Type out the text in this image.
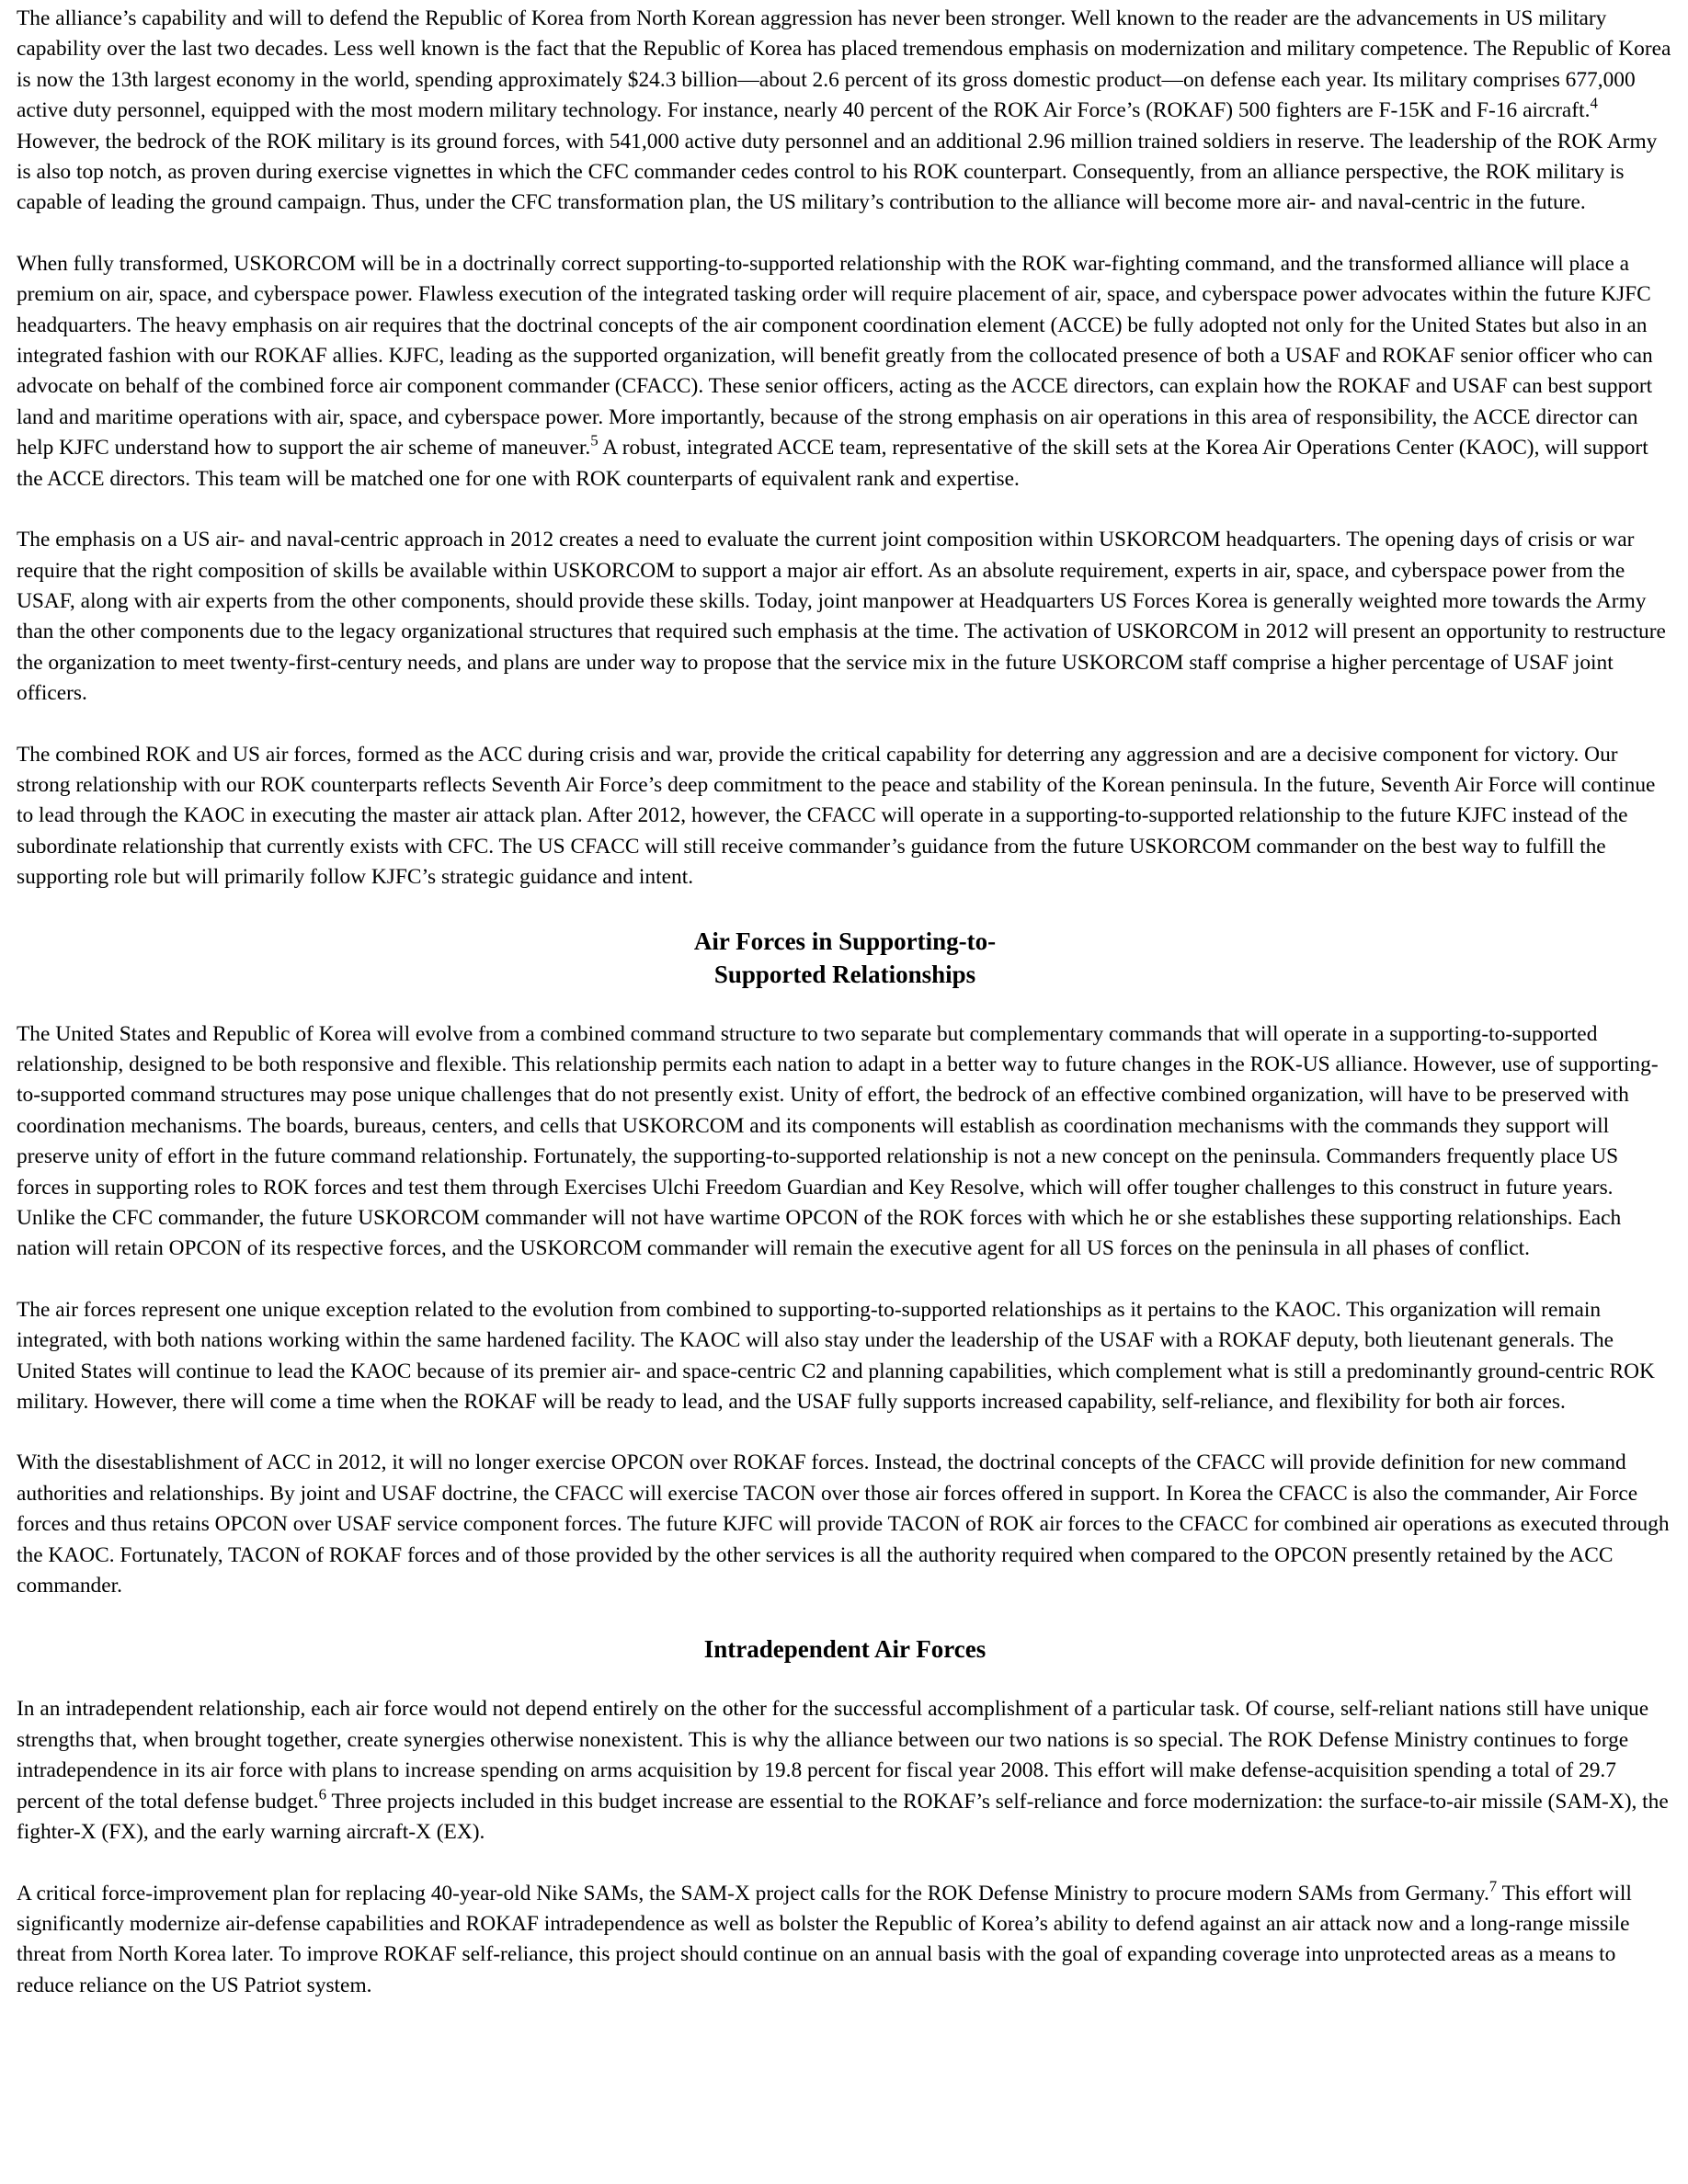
The alliance’s capability and will to defend the Republic of Korea from North Korean aggression has never been stronger. Well known to the reader are the advancements in US military capability over the last two decades. Less well known is the fact that the Republic of Korea has placed tremendous emphasis on modernization and military competence. The Republic of Korea is now the 13th largest economy in the world, spending approximately $24.3 billion—about 2.6 percent of its gross domestic product—on defense each year. Its military comprises 677,000 active duty personnel, equipped with the most modern military technology. For instance, nearly 40 percent of the ROK Air Force’s (ROKAF) 500 fighters are F-15K and F-16 aircraft.$^4$ However, the bedrock of the ROK military is its ground forces, with 541,000 active duty personnel and an additional 2.96 million trained soldiers in reserve. The leadership of the ROK Army is also top notch, as proven during exercise vignettes in which the CFC commander cedes control to his ROK counterpart. Consequently, from an alliance perspective, the ROK military is capable of leading the ground campaign. Thus, under the CFC transformation plan, the US military’s contribution to the alliance will become more air- and naval-centric in the future.

When fully transformed, USKORCOM will be in a doctrinally correct supporting-to-supported relationship with the ROK war-fighting command, and the transformed alliance will place a premium on air, space, and cyberspace power. Flawless execution of the integrated tasking order will require placement of air, space, and cyberspace power advocates within the future KJFC headquarters. The heavy emphasis on air requires that the doctrinal concepts of the air component coordination element (ACCE) be fully adopted not only for the United States but also in an integrated fashion with our ROKAF allies. KJFC, leading as the supported organization, will benefit greatly from the collocated presence of both a USAF and ROKAF senior officer who can advocate on behalf of the combined force air component commander (CFACC). These senior officers, acting as the ACCE directors, can explain how the ROKAF and USAF can best support land and maritime operations with air, space, and cyberspace power. More importantly, because of the strong emphasis on air operations in this area of responsibility, the ACCE director can help KJFC understand how to support the air scheme of maneuver.$^5$ A robust, integrated ACCE team, representative of the skill sets at the Korea Air Operations Center (KAOC), will support the ACCE directors. This team will be matched one for one with ROK counterparts of equivalent rank and expertise.

The emphasis on a US air- and naval-centric approach in 2012 creates a need to evaluate the current joint composition within USKORCOM headquarters. The opening days of crisis or war require that the right composition of skills be available within USKORCOM to support a major air effort. As an absolute requirement, experts in air, space, and cyberspace power from the USAF, along with air experts from the other components, should provide these skills. Today, joint manpower at Headquarters US Forces Korea is generally weighted more towards the Army than the other components due to the legacy organizational structures that required such emphasis at the time. The activation of USKORCOM in 2012 will present an opportunity to restructure the organization to meet twenty-first-century needs, and plans are under way to propose that the service mix in the future USKORCOM staff comprise a higher percentage of USAF joint officers.

The combined ROK and US air forces, formed as the ACC during crisis and war, provide the critical capability for deterring any aggression and are a decisive component for victory. Our strong relationship with our ROK counterparts reflects Seventh Air Force’s deep commitment to the peace and stability of the Korean peninsula. In the future, Seventh Air Force will continue to lead through the KAOC in executing the master air attack plan. After 2012, however, the CFACC will operate in a supporting-to-supported relationship to the future KJFC instead of the subordinate relationship that currently exists with CFC. The US CFACC will still receive commander’s guidance from the future USKORCOM commander on the best way to fulfill the supporting role but will primarily follow KJFC’s strategic guidance and intent.

Air Forces in Supporting-to-
Supported Relationships

The United States and Republic of Korea will evolve from a combined command structure to two separate but complementary commands that will operate in a supporting-to-supported relationship, designed to be both responsive and flexible. This relationship permits each nation to adapt in a better way to future changes in the ROK-US alliance. However, use of supporting-to-supported command structures may pose unique challenges that do not presently exist. Unity of effort, the bedrock of an effective combined organization, will have to be preserved with coordination mechanisms. The boards, bureaus, centers, and cells that USKORCOM and its components will establish as coordination mechanisms with the commands they support will preserve unity of effort in the future command relationship. Fortunately, the supporting-to-supported relationship is not a new concept on the peninsula. Commanders frequently place US forces in supporting roles to ROK forces and test them through Exercises Ulchi Freedom Guardian and Key Resolve, which will offer tougher challenges to this construct in future years. Unlike the CFC commander, the future USKORCOM commander will not have wartime OPCON of the ROK forces with which he or she establishes these supporting relationships. Each nation will retain OPCON of its respective forces, and the USKORCOM commander will remain the executive agent for all US forces on the peninsula in all phases of conflict.

The air forces represent one unique exception related to the evolution from combined to supporting-to-supported relationships as it pertains to the KAOC. This organization will remain integrated, with both nations working within the same hardened facility. The KAOC will also stay under the leadership of the USAF with a ROKAF deputy, both lieutenant generals. The United States will continue to lead the KAOC because of its premier air- and space-centric C2 and planning capabilities, which complement what is still a predominantly ground-centric ROK military. However, there will come a time when the ROKAF will be ready to lead, and the USAF fully supports increased capability, self-reliance, and flexibility for both air forces.

With the disestablishment of ACC in 2012, it will no longer exercise OPCON over ROKAF forces. Instead, the doctrinal concepts of the CFACC will provide definition for new command authorities and relationships. By joint and USAF doctrine, the CFACC will exercise TACON over those air forces offered in support. In Korea the CFACC is also the commander, Air Force forces and thus retains OPCON over USAF service component forces. The future KJFC will provide TACON of ROK air forces to the CFACC for combined air operations as executed through the KAOC. Fortunately, TACON of ROKAF forces and of those provided by the other services is all the authority required when compared to the OPCON presently retained by the ACC commander.

Intradependent Air Forces

In an intradependent relationship, each air force would not depend entirely on the other for the successful accomplishment of a particular task. Of course, self-reliant nations still have unique strengths that, when brought together, create synergies otherwise nonexistent. This is why the alliance between our two nations is so special. The ROK Defense Ministry continues to forge intradependence in its air force with plans to increase spending on arms acquisition by 19.8 percent for fiscal year 2008. This effort will make defense-acquisition spending a total of 29.7 percent of the total defense budget.$^6$ Three projects included in this budget increase are essential to the ROKAF’s self-reliance and force modernization: the surface-to-air missile (SAM-X), the fighter-X (FX), and the early warning aircraft-X (EX).

A critical force-improvement plan for replacing 40-year-old Nike SAMs, the SAM-X project calls for the ROK Defense Ministry to procure modern SAMs from Germany.$^7$ This effort will significantly modernize air-defense capabilities and ROKAF intradependence as well as bolster the Republic of Korea’s ability to defend against an air attack now and a long-range missile threat from North Korea later. To improve ROKAF self-reliance, this project should continue on an annual basis with the goal of expanding coverage into unprotected areas as a means to reduce reliance on the US Patriot system.
